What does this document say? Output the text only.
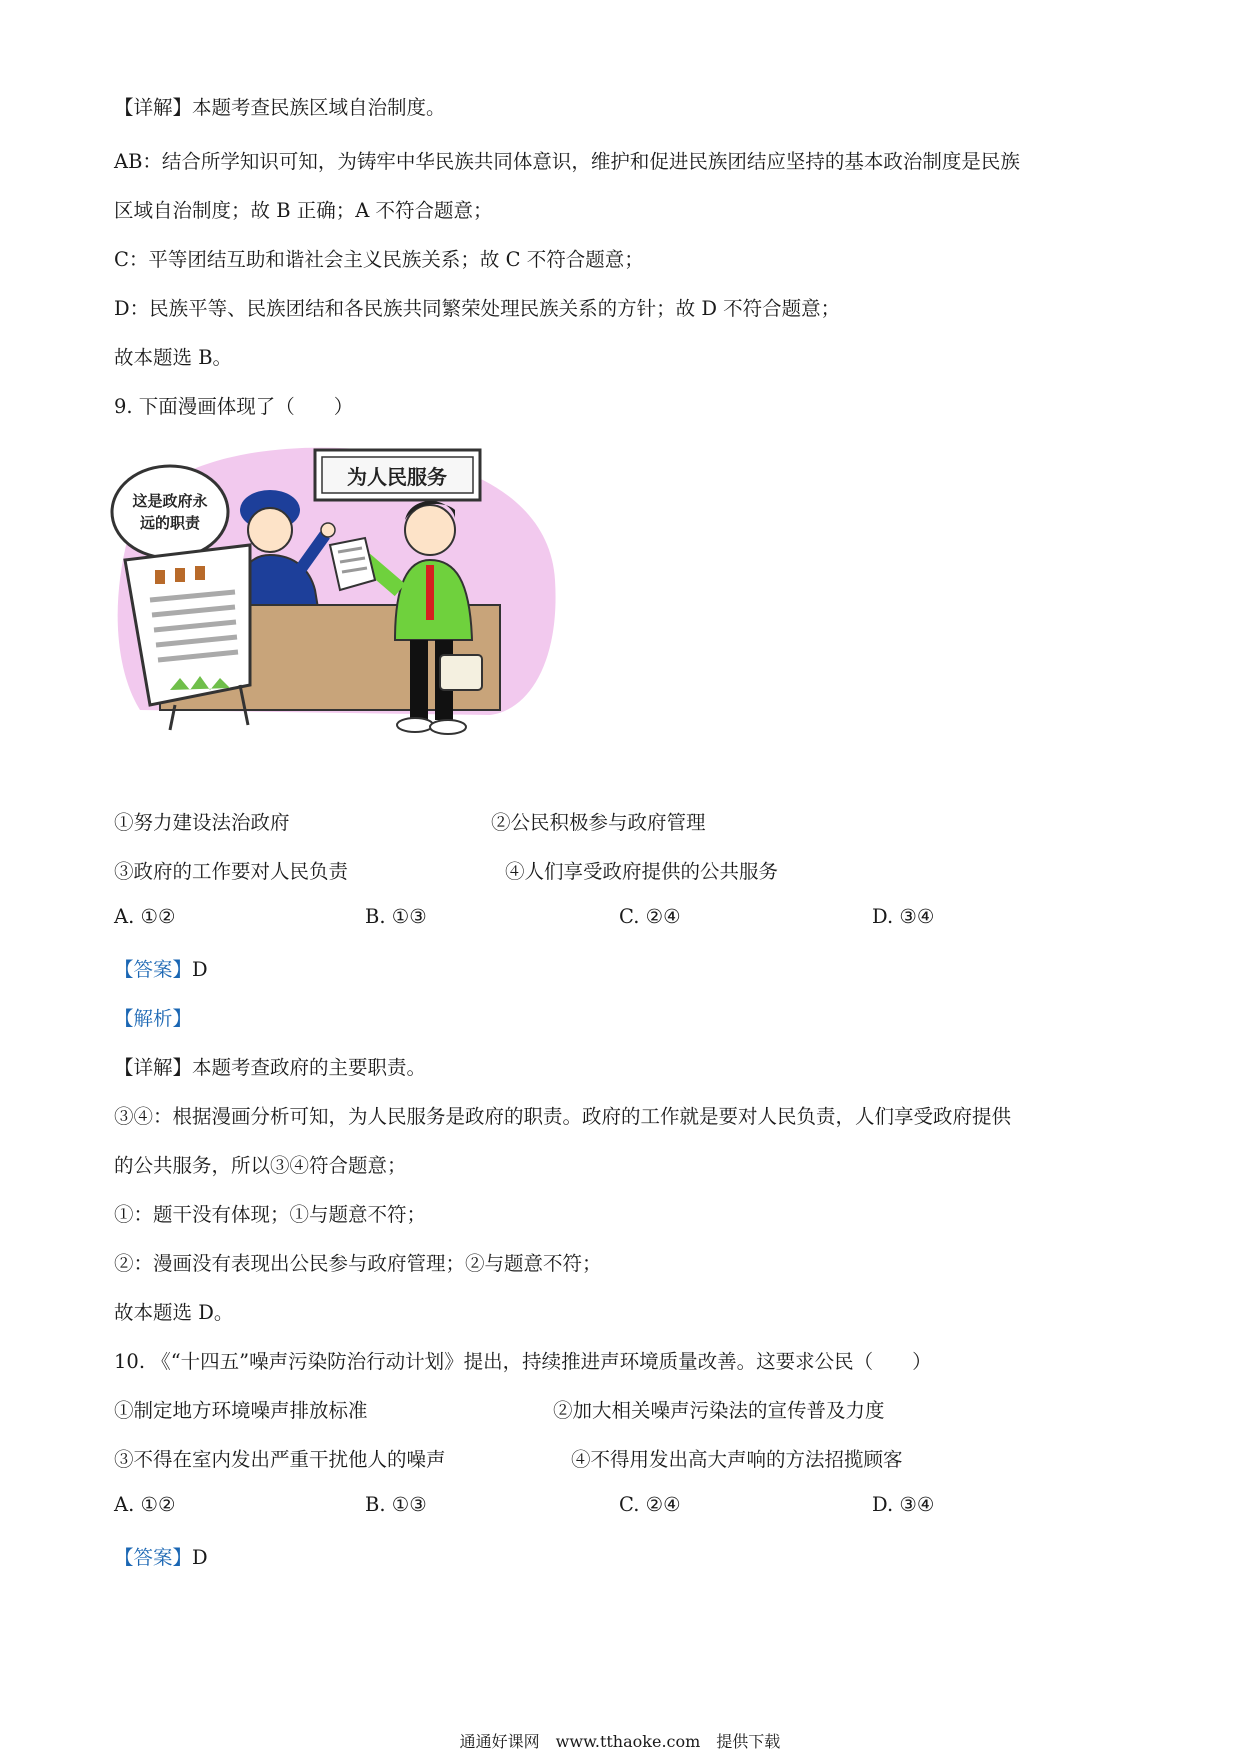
【详解】本题考查民族区域自治制度。
AB：结合所学知识可知，为铸牢中华民族共同体意识，维护和促进民族团结应坚持的基本政治制度是民族
区域自治制度；故 B 正确；A 不符合题意；
C：平等团结互助和谐社会主义民族关系；故 C 不符合题意；
D：民族平等、民族团结和各民族共同繁荣处理民族关系的方针；故 D 不符合题意；
故本题选 B。
9. 下面漫画体现了（　　）
为人民服务
这是政府永
远的职责
①努力建设法治政府	②公民积极参与政府管理
③政府的工作要对人民负责	④人们享受政府提供的公共服务
A. ①②	B. ①③	C. ②④	D. ③④
【答案】D
【解析】
【详解】本题考查政府的主要职责。
③④：根据漫画分析可知，为人民服务是政府的职责。政府的工作就是要对人民负责，人们享受政府提供
的公共服务，所以③④符合题意；
①：题干没有体现；①与题意不符；
②：漫画没有表现出公民参与政府管理；②与题意不符；
故本题选 D。
10. 《“十四五”噪声污染防治行动计划》提出，持续推进声环境质量改善。这要求公民（　　）
①制定地方环境噪声排放标准	②加大相关噪声污染法的宣传普及力度
③不得在室内发出严重干扰他人的噪声	④不得用发出高大声响的方法招揽顾客
A. ①②	B. ①③	C. ②④	D. ③④
【答案】D
通通好课网　www.tthaoke.com　提供下载
